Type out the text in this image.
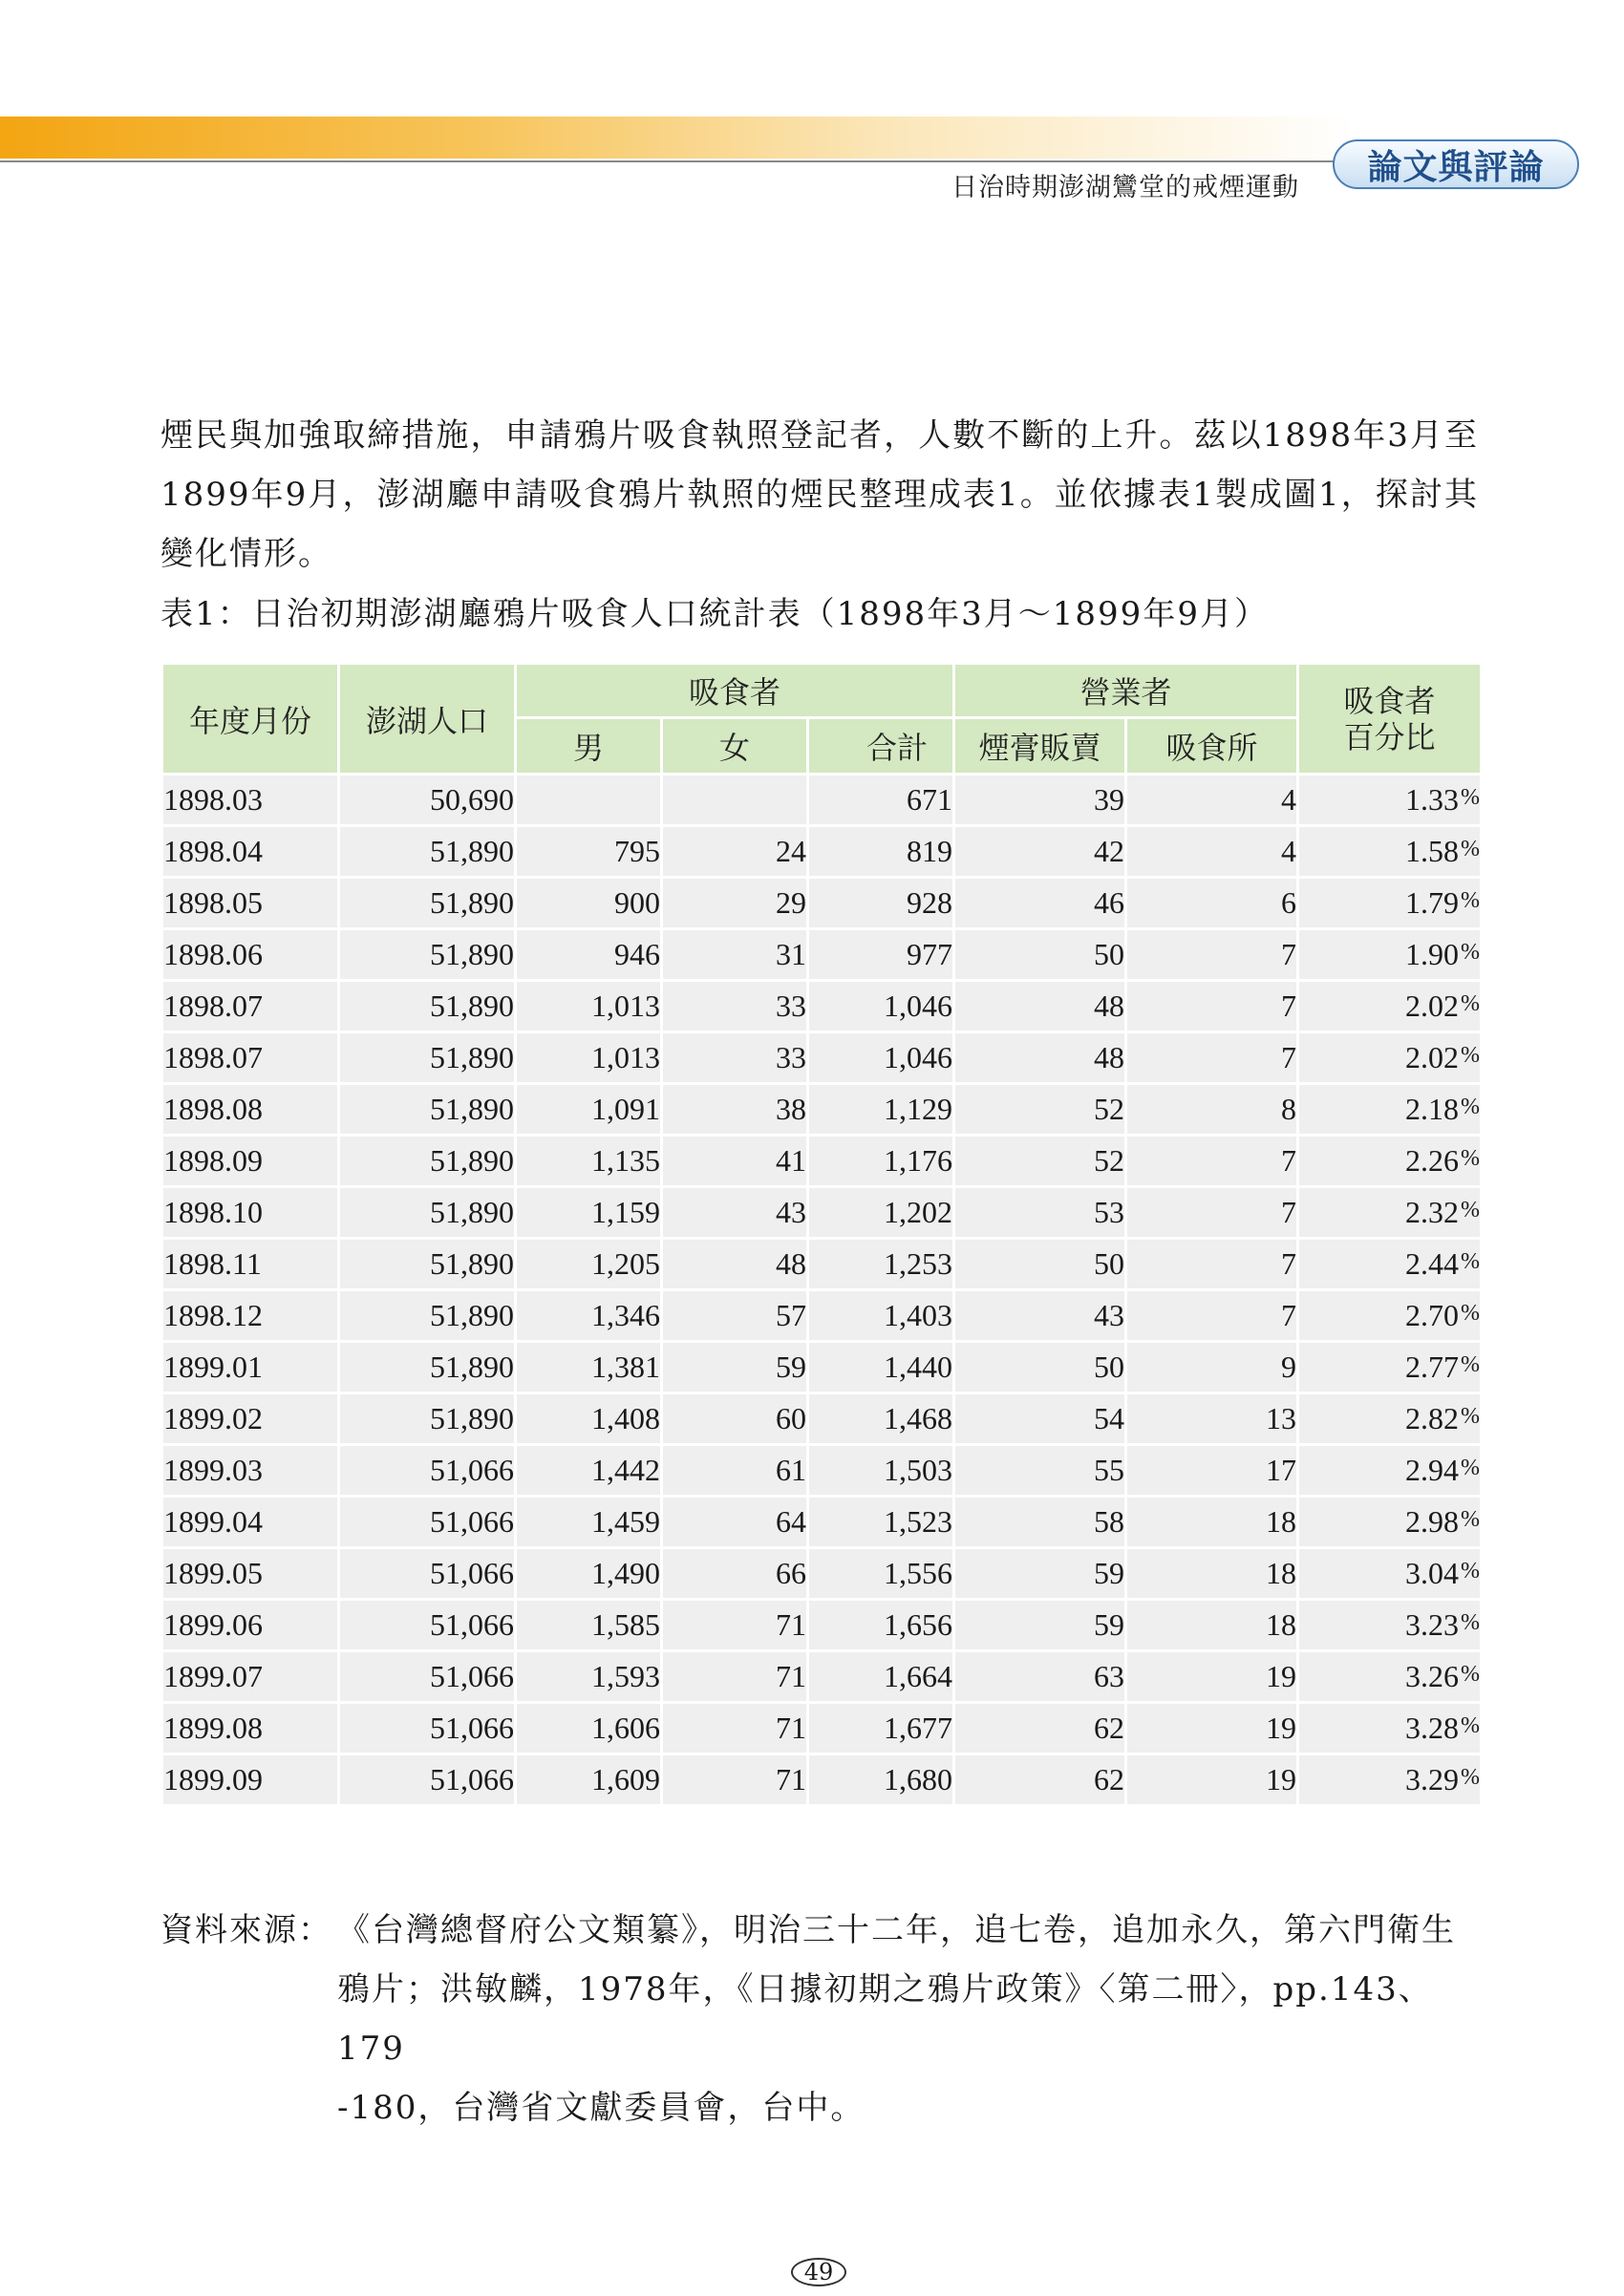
論文與評論
日治時期澎湖鸞堂的戒煙運動
煙民與加強取締措施，申請鴉片吸食執照登記者，人數不斷的上升。茲以1898年3月至1899年9月，澎湖廳申請吸食鴉片執照的煙民整理成表1。並依據表1製成圖1，探討其變化情形。
表1：日治初期澎湖廳鴉片吸食人口統計表（1898年3月～1899年9月）
年度月份	澎湖人口	吸食者			營業者		吸食者
百分比
		男	女	合計	煙膏販賣	吸食所	
1898.03	50,690			671	39	4	1.33%
1898.04	51,890	795	24	819	42	4	1.58%
1898.05	51,890	900	29	928	46	6	1.79%
1898.06	51,890	946	31	977	50	7	1.90%
1898.07	51,890	1,013	33	1,046	48	7	2.02%
1898.07	51,890	1,013	33	1,046	48	7	2.02%
1898.08	51,890	1,091	38	1,129	52	8	2.18%
1898.09	51,890	1,135	41	1,176	52	7	2.26%
1898.10	51,890	1,159	43	1,202	53	7	2.32%
1898.11	51,890	1,205	48	1,253	50	7	2.44%
1898.12	51,890	1,346	57	1,403	43	7	2.70%
1899.01	51,890	1,381	59	1,440	50	9	2.77%
1899.02	51,890	1,408	60	1,468	54	13	2.82%
1899.03	51,066	1,442	61	1,503	55	17	2.94%
1899.04	51,066	1,459	64	1,523	58	18	2.98%
1899.05	51,066	1,490	66	1,556	59	18	3.04%
1899.06	51,066	1,585	71	1,656	59	18	3.23%
1899.07	51,066	1,593	71	1,664	63	19	3.26%
1899.08	51,066	1,606	71	1,677	62	19	3.28%
1899.09	51,066	1,609	71	1,680	62	19	3.29%
資料來源： 《台灣總督府公文類纂》，明治三十二年，追七卷，追加永久，第六門衛生
鴉片；洪敏麟，1978年，《日據初期之鴉片政策》〈第二冊〉，pp.143、179
-180，台灣省文獻委員會，台中。
49
